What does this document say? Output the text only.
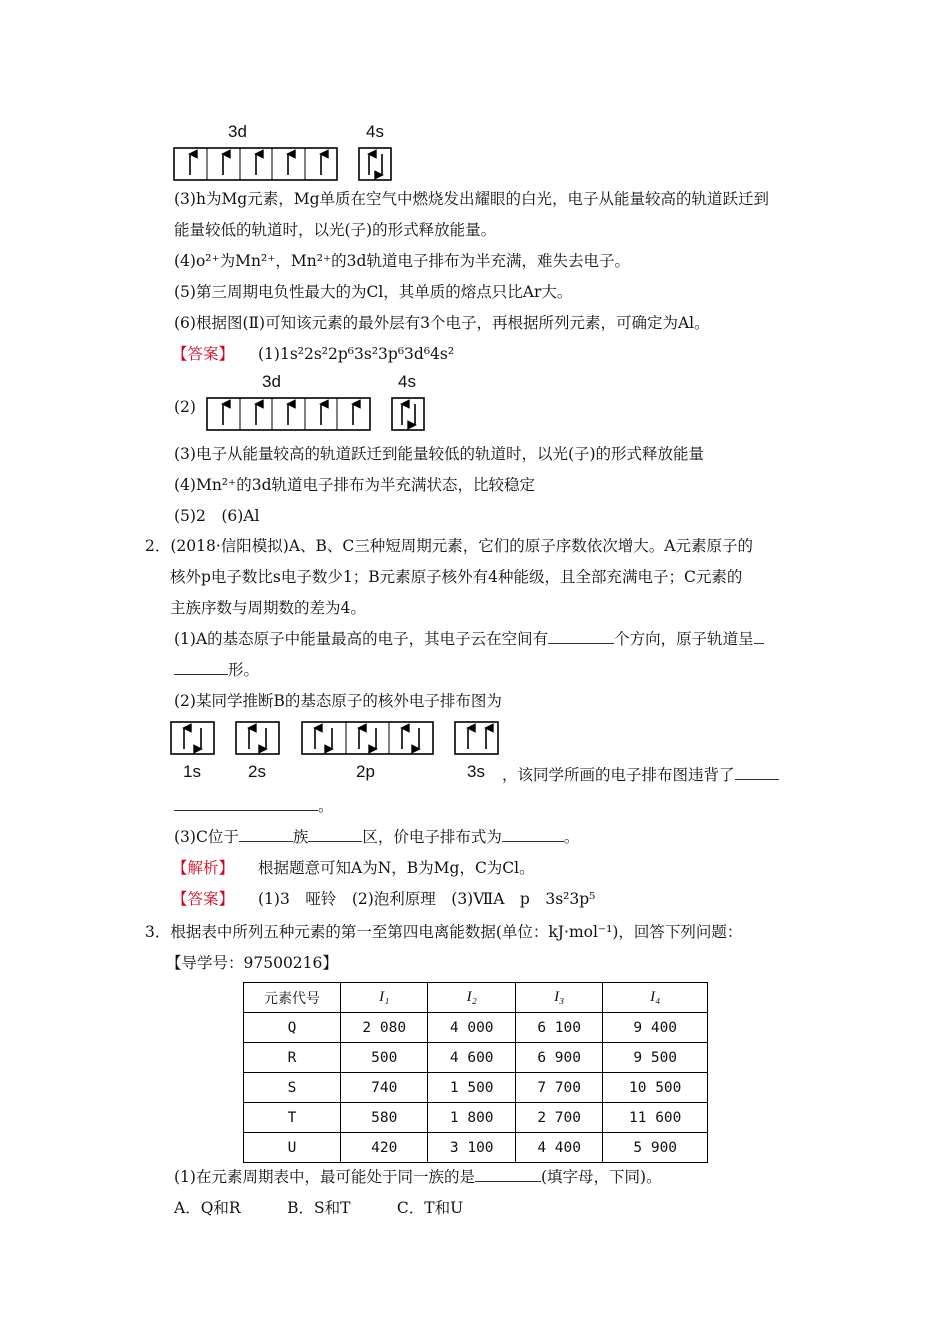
3d	4s
(3)h为Mg元素，Mg单质在空气中燃烧发出耀眼的白光，电子从能量较高的轨道跃迁到
能量较低的轨道时，以光(子)的形式释放能量。
(4)o²⁺为Mn²⁺，Mn²⁺的3d轨道电子排布为半充满，难失去电子。
(5)第三周期电负性最大的为Cl，其单质的熔点只比Ar大。
(6)根据图(Ⅱ)可知该元素的最外层有3个电子，再根据所列元素，可确定为Al。
【答案】 (1)1s²2s²2p⁶3s²3p⁶3d⁶4s²
3d	4s
(2)
(3)电子从能量较高的轨道跃迁到能量较低的轨道时，以光(子)的形式释放能量
(4)Mn²⁺的3d轨道电子排布为半充满状态，比较稳定
(5)2　(6)Al
2．(2018·信阳模拟)A、B、C三种短周期元素，它们的原子序数依次增大。A元素原子的
核外p电子数比s电子数少1；B元素原子核外有4种能级，且全部充满电子；C元素的
主族序数与周期数的差为4。
(1)A的基态原子中能量最高的电子，其电子云在空间有	个方向，原子轨道呈
形。
(2)某同学推断B的基态原子的核外电子排布图为
1s	2s	2p	3s ，该同学所画的电子排布图违背了
。
(3)C位于	族	区，价电子排布式为	。
【解析】 根据题意可知A为N，B为Mg，C为Cl。
【答案】 (1)3　哑铃　(2)泡利原理　(3)ⅦA　p　3s²3p⁵
3．根据表中所列五种元素的第一至第四电离能数据(单位：kJ·mol⁻¹)，回答下列问题：
【导学号：97500216】
元素代号	I₁	I₂	I₃	I₄
Q	2 080	4 000	6 100	9 400
R	500	4 600	6 900	9 500
S	740	1 500	7 700	10 500
T	580	1 800	2 700	11 600
U	420	3 100	4 400	5 900
(1)在元素周期表中，最可能处于同一族的是	(填字母，下同)。
A．Q和R　　　B．S和T　　　C．T和U
